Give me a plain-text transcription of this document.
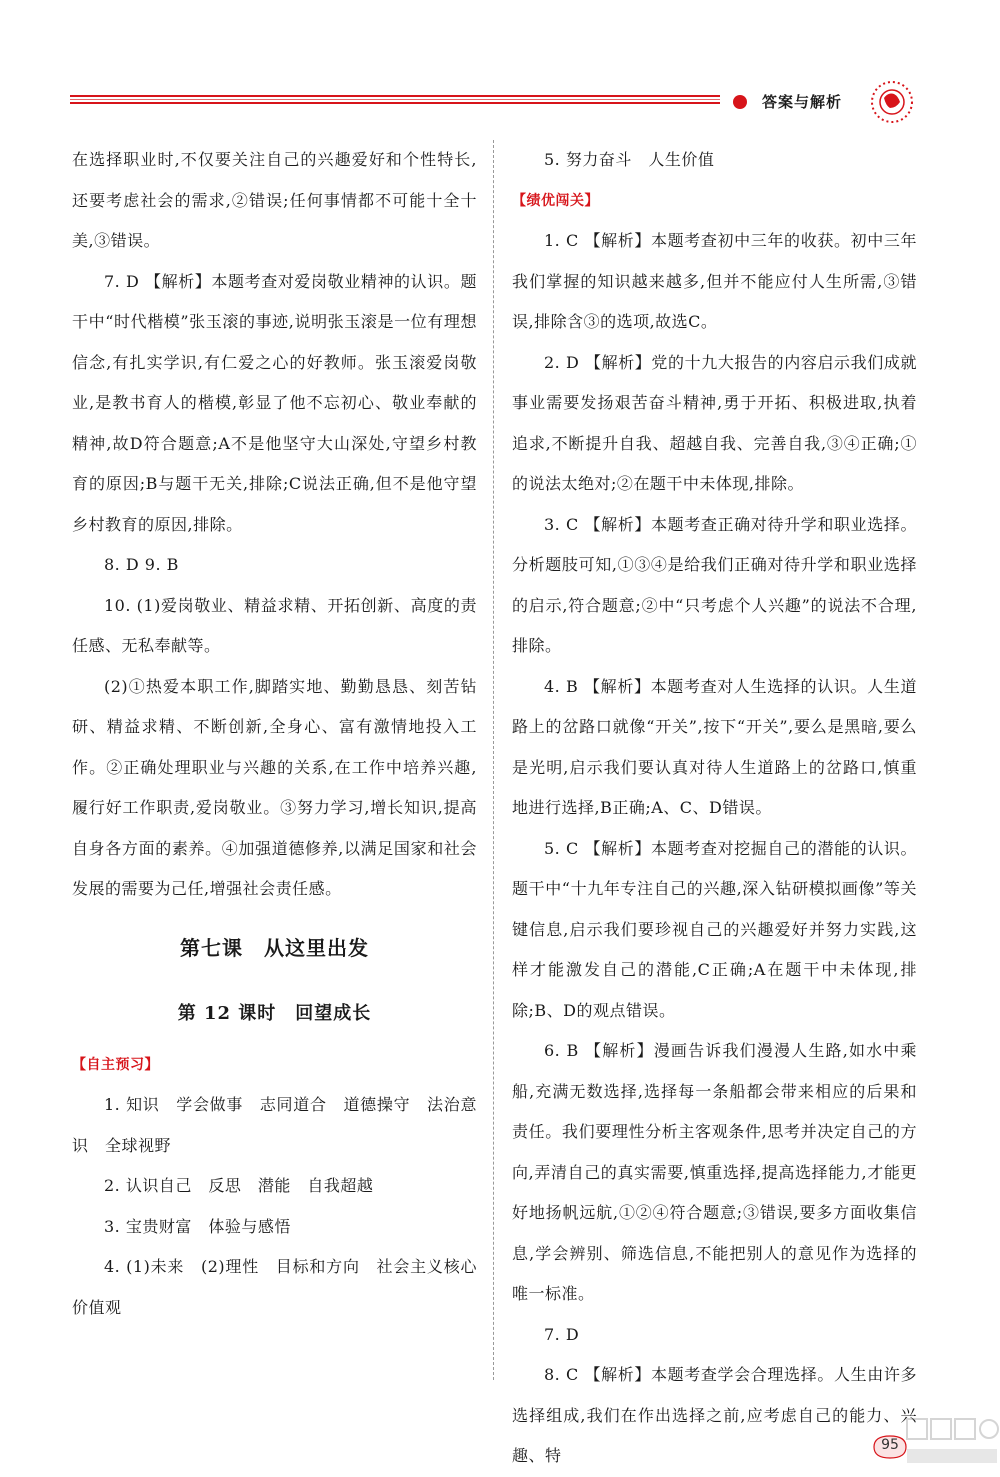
答案与解析

在选择职业时,不仅要关注自己的兴趣爱好和个性特长,还要考虑社会的需求,②错误;任何事情都不可能十全十美,③错误。

7. D 【解析】本题考查对爱岗敬业精神的认识。题干中“时代楷模”张玉滚的事迹,说明张玉滚是一位有理想信念,有扎实学识,有仁爱之心的好教师。张玉滚爱岗敬业,是教书育人的楷模,彰显了他不忘初心、敬业奉献的精神,故D符合题意;A不是他坚守大山深处,守望乡村教育的原因;B与题干无关,排除;C说法正确,但不是他守望乡村教育的原因,排除。

8. D 9. B

10. (1)爱岗敬业、精益求精、开拓创新、高度的责任感、无私奉献等。

(2)①热爱本职工作,脚踏实地、勤勤恳恳、刻苦钻研、精益求精、不断创新,全身心、富有激情地投入工作。②正确处理职业与兴趣的关系,在工作中培养兴趣,履行好工作职责,爱岗敬业。③努力学习,增长知识,提高自身各方面的素养。④加强道德修养,以满足国家和社会发展的需要为己任,增强社会责任感。

第七课　从这里出发
第 12 课时　回望成长

【自主预习】

1. 知识　学会做事　志同道合　道德操守　法治意识　全球视野

2. 认识自己　反思　潜能　自我超越

3. 宝贵财富　体验与感悟

4. (1)未来　(2)理性　目标和方向　社会主义核心价值观

5. 努力奋斗　人生价值

【绩优闯关】

1. C 【解析】本题考查初中三年的收获。初中三年我们掌握的知识越来越多,但并不能应付人生所需,③错误,排除含③的选项,故选C。

2. D 【解析】党的十九大报告的内容启示我们成就事业需要发扬艰苦奋斗精神,勇于开拓、积极进取,执着追求,不断提升自我、超越自我、完善自我,③④正确;①的说法太绝对;②在题干中未体现,排除。

3. C 【解析】本题考查正确对待升学和职业选择。分析题肢可知,①③④是给我们正确对待升学和职业选择的启示,符合题意;②中“只考虑个人兴趣”的说法不合理,排除。

4. B 【解析】本题考查对人生选择的认识。人生道路上的岔路口就像“开关”,按下“开关”,要么是黑暗,要么是光明,启示我们要认真对待人生道路上的岔路口,慎重地进行选择,B正确;A、C、D错误。

5. C 【解析】本题考查对挖掘自己的潜能的认识。题干中“十九年专注自己的兴趣,深入钻研模拟画像”等关键信息,启示我们要珍视自己的兴趣爱好并努力实践,这样才能激发自己的潜能,C正确;A在题干中未体现,排除;B、D的观点错误。

6. B 【解析】漫画告诉我们漫漫人生路,如水中乘船,充满无数选择,选择每一条船都会带来相应的后果和责任。我们要理性分析主客观条件,思考并决定自己的方向,弄清自己的真实需要,慎重选择,提高选择能力,才能更好地扬帆远航,①②④符合题意;③错误,要多方面收集信息,学会辨别、筛选信息,不能把别人的意见作为选择的唯一标准。

7. D

8. C 【解析】本题考查学会合理选择。人生由许多选择组成,我们在作出选择之前,应考虑自己的能力、兴趣、特

95
